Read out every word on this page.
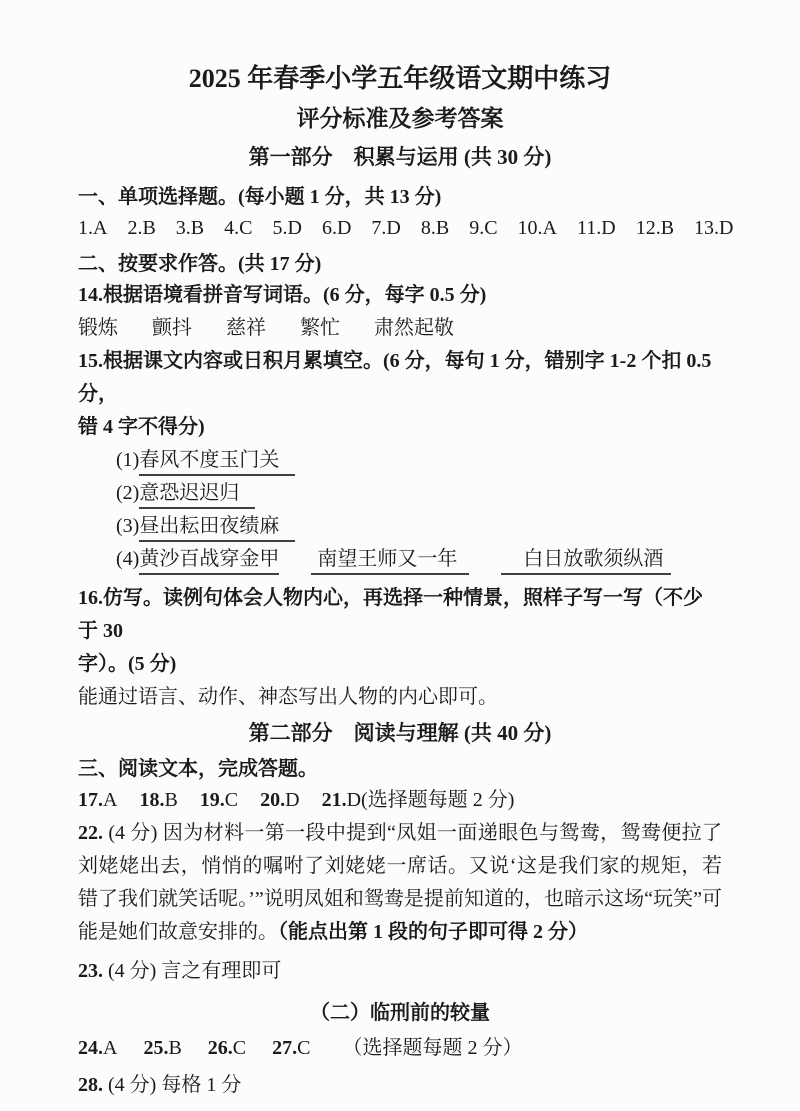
2025 年春季小学五年级语文期中练习
评分标准及参考答案
第一部分　积累与运用 (共 30 分)
一、单项选择题。(每小题 1 分，共 13 分)

1.A 2.B 3.B 4.C 5.D 6.D 7.D 8.B 9.C 10.A 11.D 12.B 13.D

二、按要求作答。(共 17 分)

14.根据语境看拼音写词语。(6 分，每字 0.5 分)

锻炼 颤抖 慈祥 繁忙 肃然起敬

15.根据课文内容或日积月累填空。(6 分，每句 1 分，错别字 1-2 个扣 0.5 分，
错 4 字不得分)

(1)春风不度玉门关

(2)意恐迟迟归

(3)昼出耘田夜绩麻

(4)黄沙百战穿金甲 南望王师又一年	白日放歌须纵酒

16.仿写。读例句体会人物内心，再选择一种情景，照样子写一写（不少于 30
字）。(5 分)

能通过语言、动作、神态写出人物的内心即可。

第二部分　阅读与理解 (共 40 分)
三、阅读文本，完成答题。

17.A 18.B 19.C 20.D 21.D(选择题每题 2 分)

22. (4 分) 因为材料一第一段中提到“凤姐一面递眼色与鸳鸯，鸳鸯便拉了刘姥姥出去，悄悄的嘱咐了刘姥姥一席话。又说‘这是我们家的规矩，若错了我们就笑话呢。’”说明凤姐和鸳鸯是提前知道的，也暗示这场“玩笑”可能是她们故意安排的。（能点出第 1 段的句子即可得 2 分）

23. (4 分) 言之有理即可

（二）临刑前的较量

24.A 25.B 26.C 27.C （选择题每题 2 分）

28. (4 分) 每格 1 分
